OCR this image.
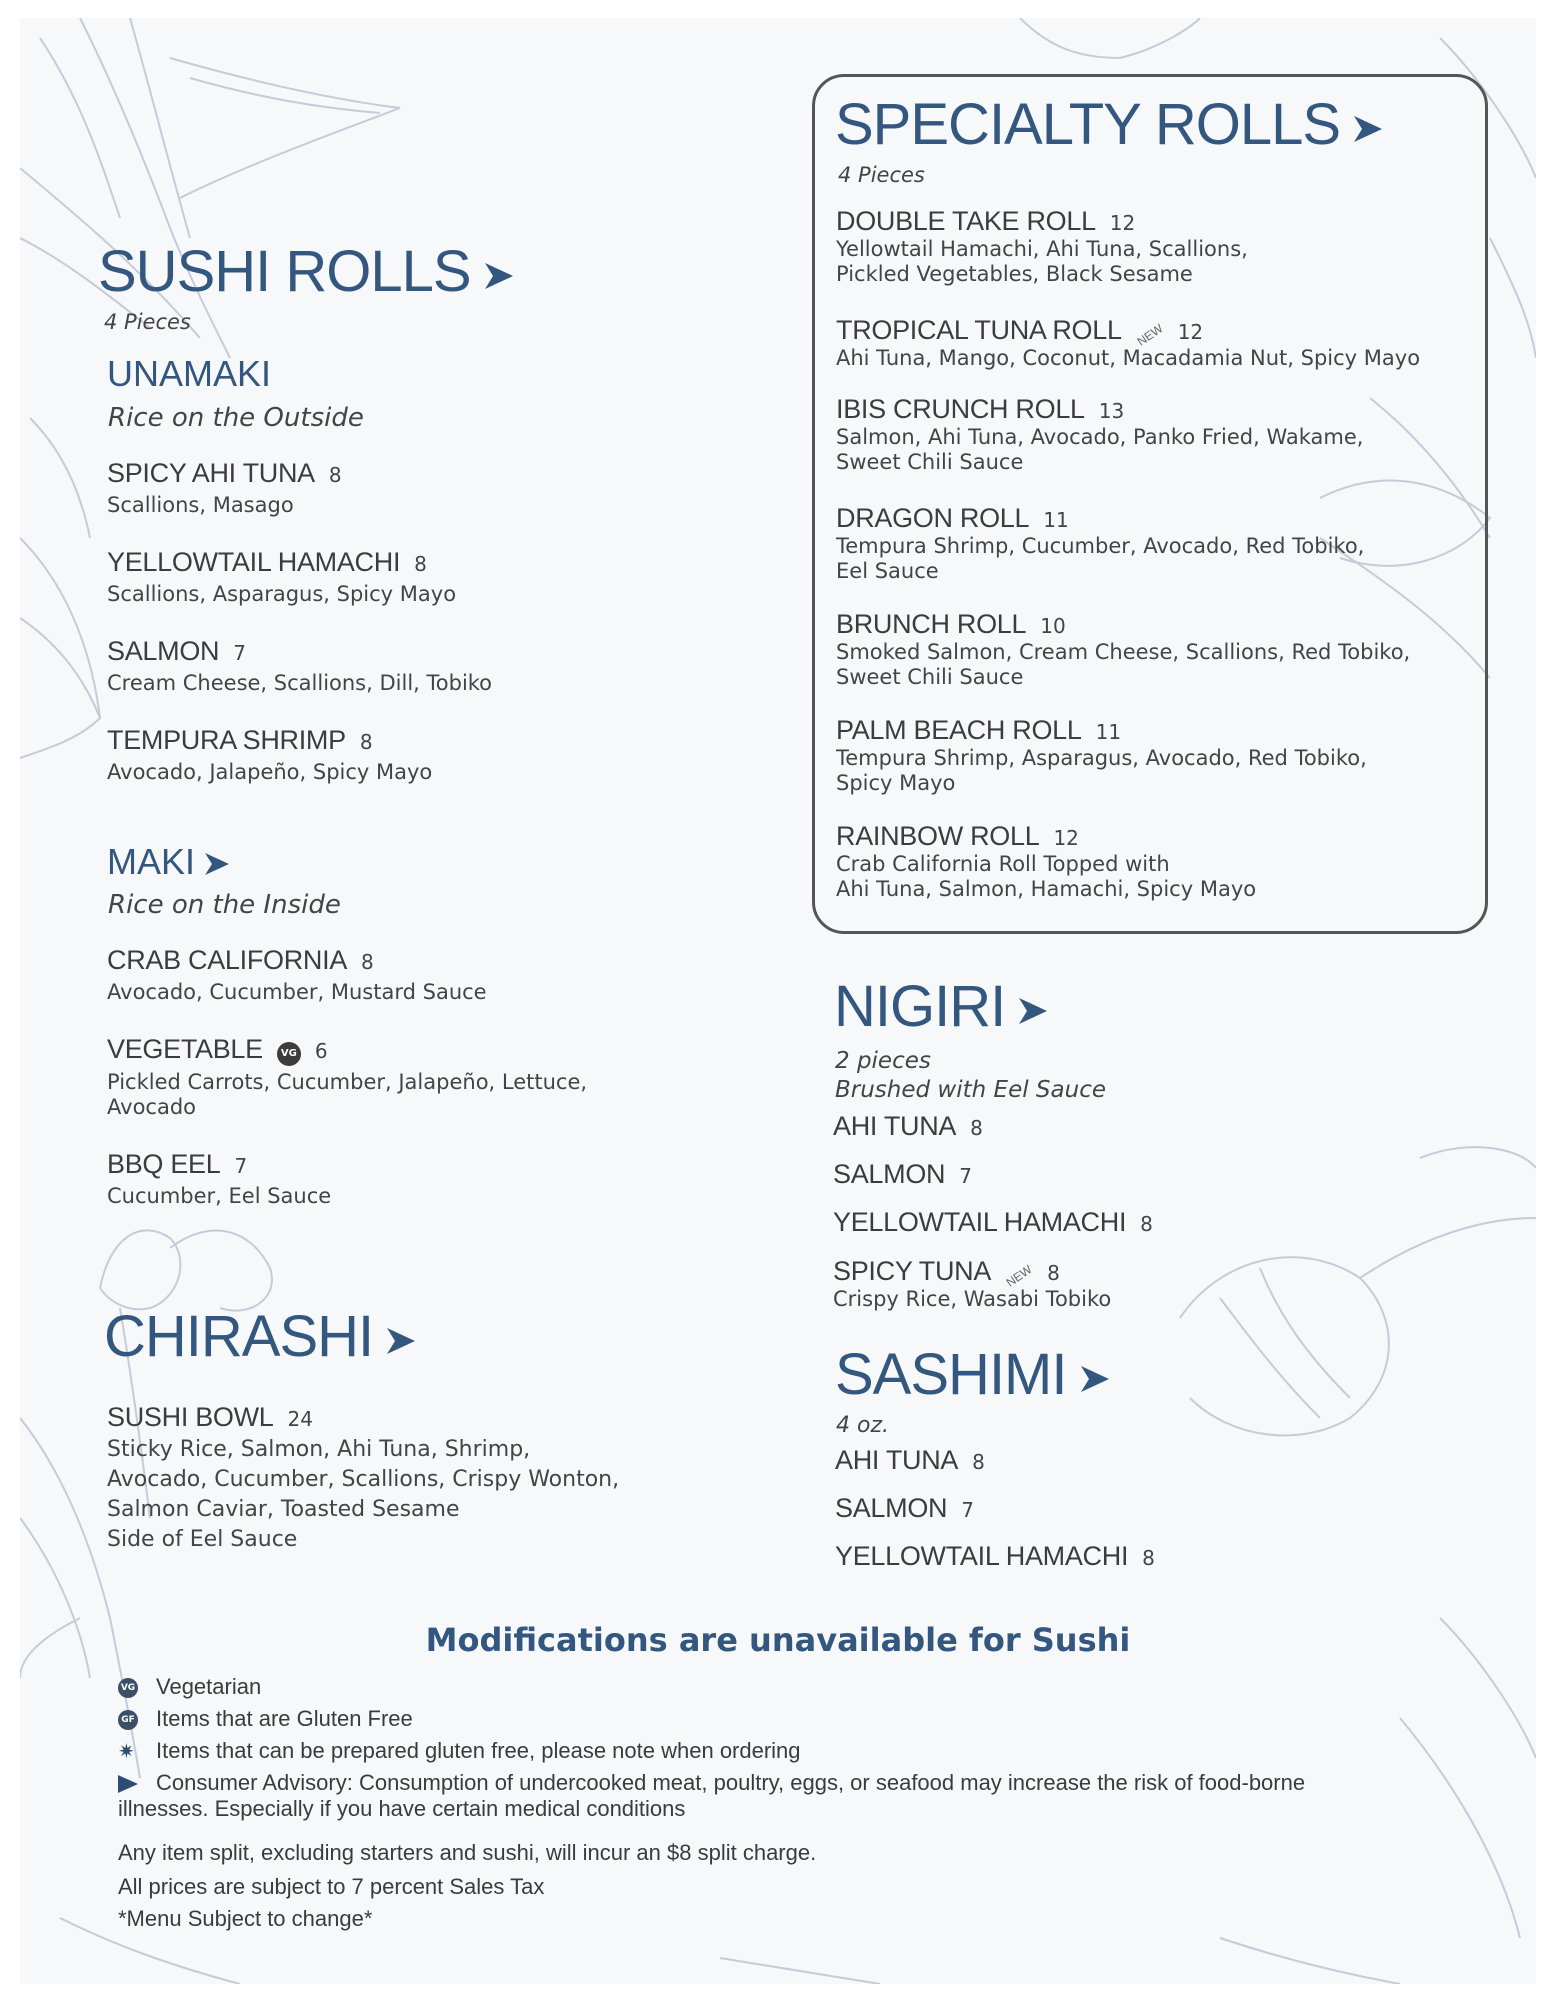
SUSHI ROLLS
4 Pieces
UNAMAKI
Rice on the Outside
SPICY AHI TUNA 8
Scallions, Masago
YELLOWTAIL HAMACHI 8
Scallions, Asparagus, Spicy Mayo
SALMON 7
Cream Cheese, Scallions, Dill, Tobiko
TEMPURA SHRIMP 8
Avocado, Jalapeño, Spicy Mayo
MAKI
Rice on the Inside
CRAB CALIFORNIA 8
Avocado, Cucumber, Mustard Sauce
VEGETABLE VG 6
Pickled Carrots, Cucumber, Jalapeño, Lettuce,
Avocado
BBQ EEL 7
Cucumber, Eel Sauce
CHIRASHI
SUSHI BOWL 24
Sticky Rice, Salmon, Ahi Tuna, Shrimp,
Avocado, Cucumber, Scallions, Crispy Wonton,
Salmon Caviar, Toasted Sesame
Side of Eel Sauce
SPECIALTY ROLLS
4 Pieces
DOUBLE TAKE ROLL 12
Yellowtail Hamachi, Ahi Tuna, Scallions,
Pickled Vegetables, Black Sesame
TROPICAL TUNA ROLL NEW 12
Ahi Tuna, Mango, Coconut, Macadamia Nut, Spicy Mayo
IBIS CRUNCH ROLL 13
Salmon, Ahi Tuna, Avocado, Panko Fried, Wakame,
Sweet Chili Sauce
DRAGON ROLL 11
Tempura Shrimp, Cucumber, Avocado, Red Tobiko,
Eel Sauce
BRUNCH ROLL 10
Smoked Salmon, Cream Cheese, Scallions, Red Tobiko,
Sweet Chili Sauce
PALM BEACH ROLL 11
Tempura Shrimp, Asparagus, Avocado, Red Tobiko,
Spicy Mayo
RAINBOW ROLL 12
Crab California Roll Topped with
Ahi Tuna, Salmon, Hamachi, Spicy Mayo
NIGIRI
2 pieces
Brushed with Eel Sauce
AHI TUNA 8
SALMON 7
YELLOWTAIL HAMACHI 8
SPICY TUNA NEW 8
Crispy Rice, Wasabi Tobiko
SASHIMI
4 oz.
AHI TUNA 8
SALMON 7
YELLOWTAIL HAMACHI 8
Modifications are unavailable for Sushi
VG Vegetarian
GF Items that are Gluten Free
✷ Items that can be prepared gluten free, please note when ordering
Consumer Advisory: Consumption of undercooked meat, poultry, eggs, or seafood may increase the risk of food-borne
illnesses. Especially if you have certain medical conditions
Any item split, excluding starters and sushi, will incur an $8 split charge.
All prices are subject to 7 percent Sales Tax
*Menu Subject to change*
